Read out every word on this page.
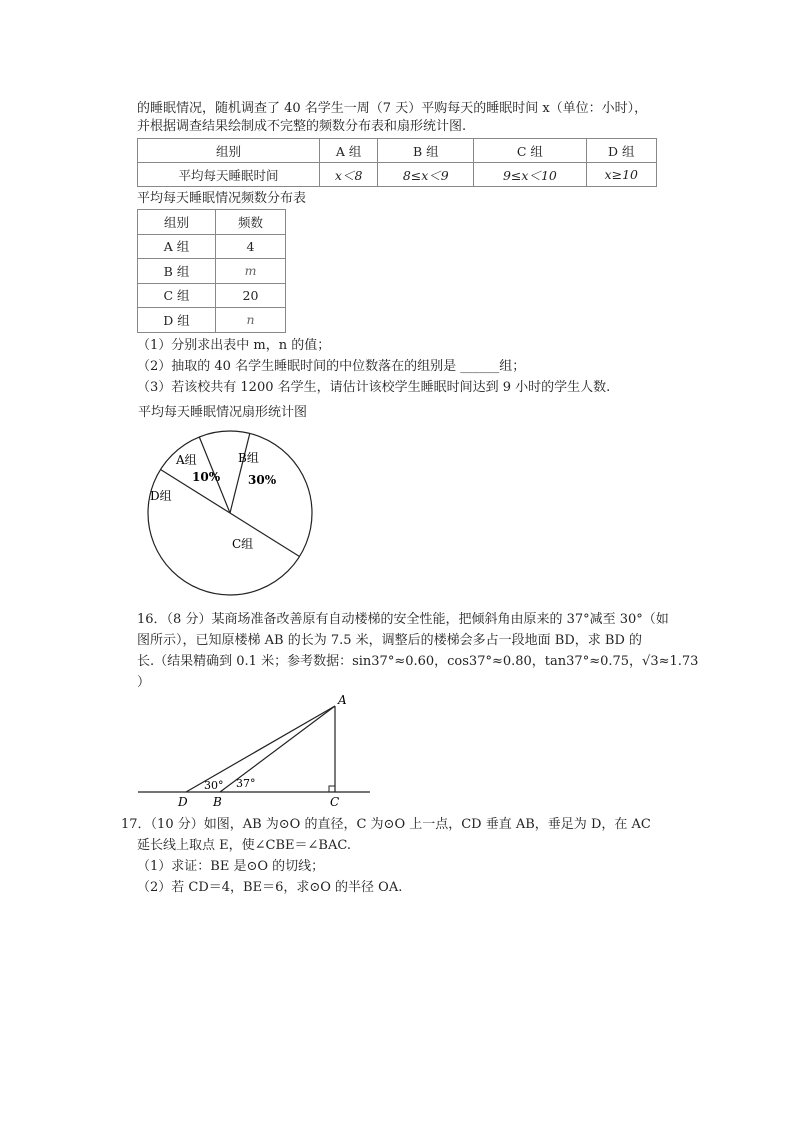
的睡眠情况，随机调查了 40 名学生一周（7 天）平购每天的睡眠时间 x（单位：小时），
并根据调查结果绘制成不完整的频数分布表和扇形统计图.
组别	A 组	B 组	C 组	D 组
平均每天睡眠时间	x＜8	8≤x＜9	9≤x＜10	x≥10
平均每天睡眠情况频数分布表
组别	频数
A 组	4
B 组	m
C 组	20
D 组	n
（1）分别求出表中 m，n 的值；
（2）抽取的 40 名学生睡眠时间的中位数落在的组别是 ______组；
（3）若该校共有 1200 名学生，请估计该校学生睡眠时间达到 9 小时的学生人数.
平均每天睡眠情况扇形统计图
A组
10%
B组
30%
C组
D组
16．（8 分）某商场准备改善原有自动楼梯的安全性能，把倾斜角由原来的 37°减至 30°（如
图所示），已知原楼梯 AB 的长为 7.5 米，调整后的楼梯会多占一段地面 BD，求 BD 的
长.（结果精确到 0.1 米；参考数据：sin37°≈0.60，cos37°≈0.80，tan37°≈0.75，√3≈1.73
）
A
D B	C
30° 37°
17．（10 分）如图，AB 为⊙O 的直径，C 为⊙O 上一点，CD 垂直 AB，垂足为 D，在 AC
延长线上取点 E，使∠CBE＝∠BAC.
（1）求证：BE 是⊙O 的切线；
（2）若 CD＝4，BE＝6，求⊙O 的半径 OA.
